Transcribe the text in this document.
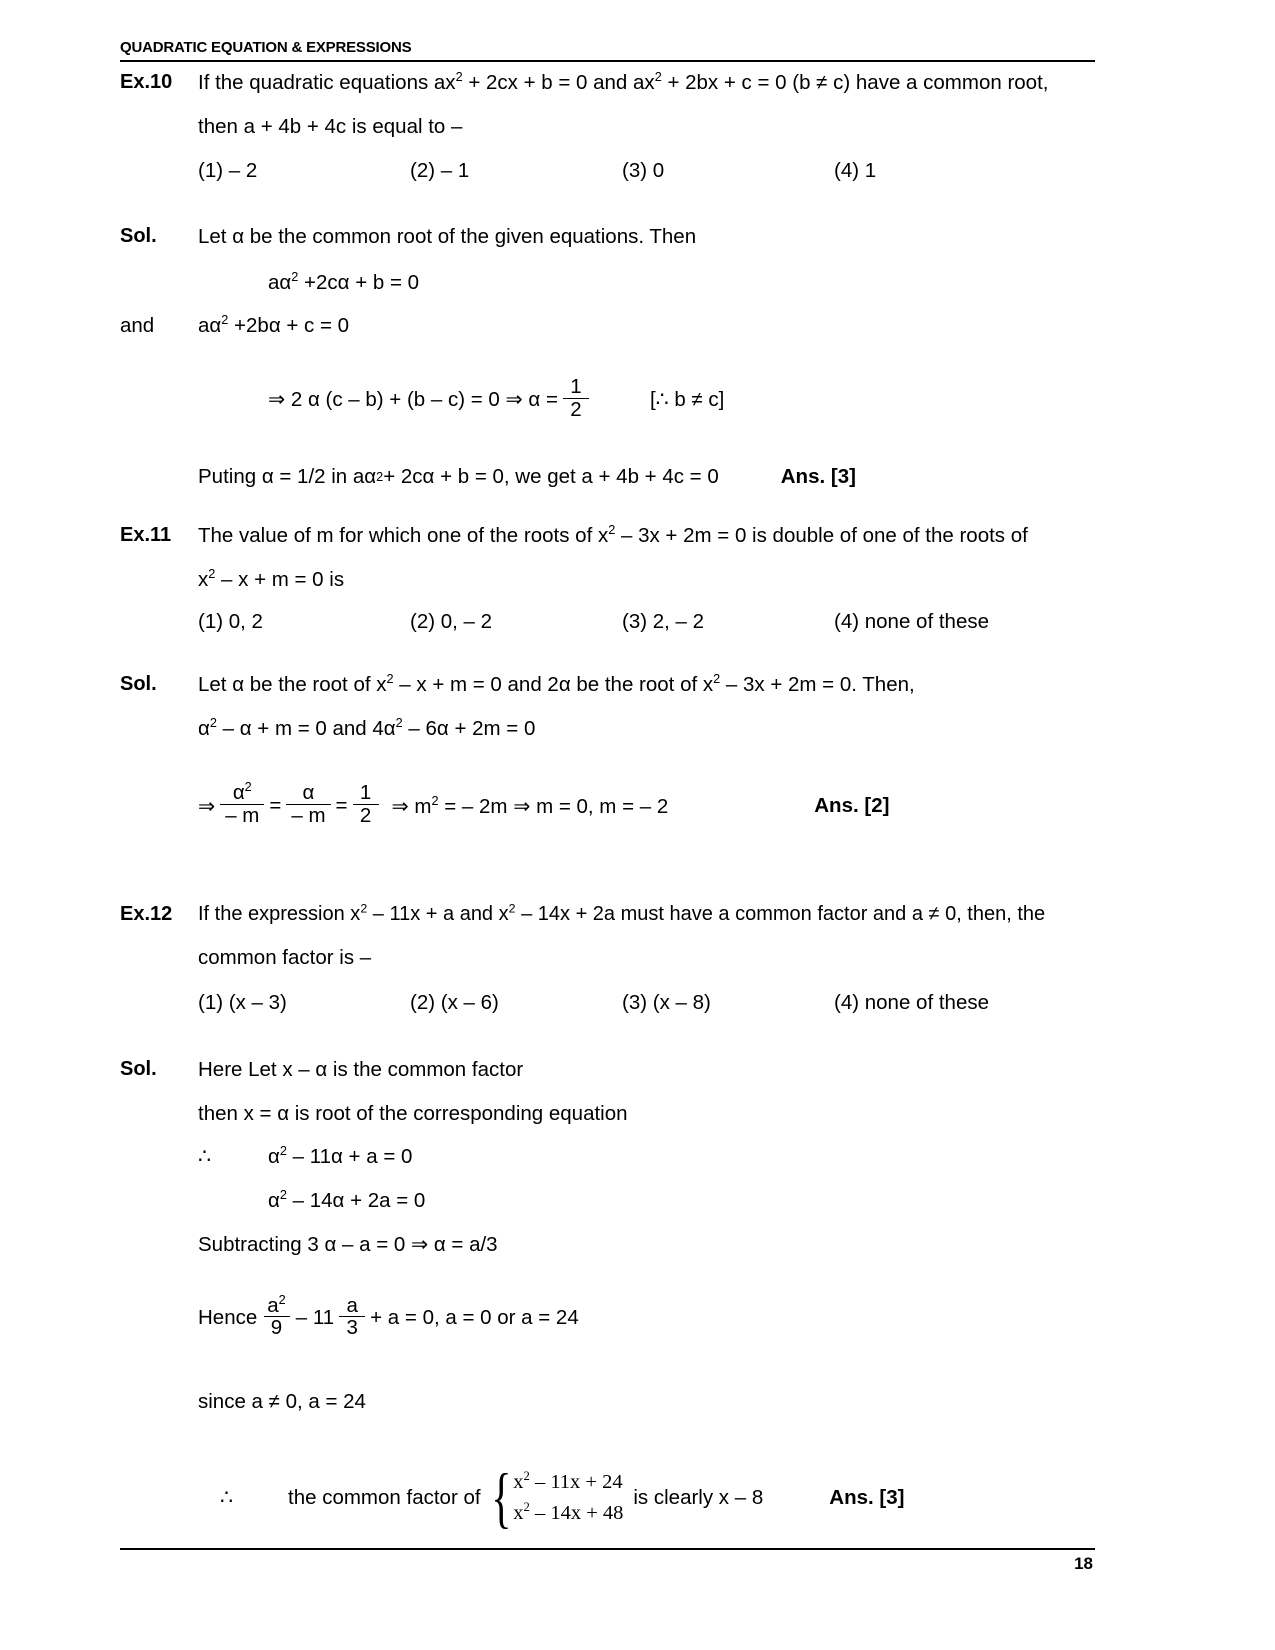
QUADRATIC EQUATION & EXPRESSIONS
Ex.10	If the quadratic equations $ax^2 + 2cx + b = 0$ and $ax^2 + 2bx + c = 0$ (b ≠ c) have a common root,
then a + 4b + 4c is equal to –
(1) – 2	(2) – 1	(3) 0	(4) 1
Sol.	Let α be the common root of the given equations. Then
$a\alpha^2 +2c\alpha + b = 0$
and	$a\alpha^2 +2b\alpha + c = 0$
⇒ 2 α (c – b) + (b – c) = 0 ⇒ $\alpha = \frac{1}{2}$	[∴ b ≠ c]
Puting α = 1/2 in aα 2 + 2cα + b = 0, we get a + 4b + 4c = 0	Ans. [3]
Ex.11	The value of m for which one of the roots of $x^2 - 3x + 2m = 0$ is double of one of the roots of
$x^2 - x + m = 0$ is
(1) 0, 2	(2) 0, – 2	(3) 2, – 2	(4) none of these
Sol.	Let α be the root of $x^2 - x + m = 0$ and 2α be the root of $x^2 - 3x + 2m = 0$. Then,
$\alpha^2 - \alpha + m = 0$ and $4\alpha^2 - 6\alpha + 2m = 0$
⇒ $\frac{\alpha^2}{- m} = \frac{\alpha}{- m} = \frac{1}{2}$ ⇒ $m^2$ = – 2m ⇒ m = 0, m = – 2	Ans. [2]
Ex.12	If the expression $x^2 - 11x + a$ and $x^2 - 14x + 2a$ must have a common factor and a ≠ 0, then, the
common factor is –
(1) (x – 3)	(2) (x – 6)	(3) (x – 8)	(4) none of these
Sol.	Here Let x – α is the common factor
then x = α is root of the corresponding equation
∴	$\alpha^2 - 11\alpha + a = 0$
$\alpha^2 - 14\alpha + 2a = 0$
Subtracting 3 α – a = 0 ⇒ α = a/3
Hence $\frac{a^2}{9} - 11 \frac{a}{3} + a = 0$, a = 0 or a = 24
since a ≠ 0, a = 24
∴	the common factor of { $x^2 - 11x + 24$
$x^2 - 14x + 48$
is clearly x – 8	Ans. [3]
18
